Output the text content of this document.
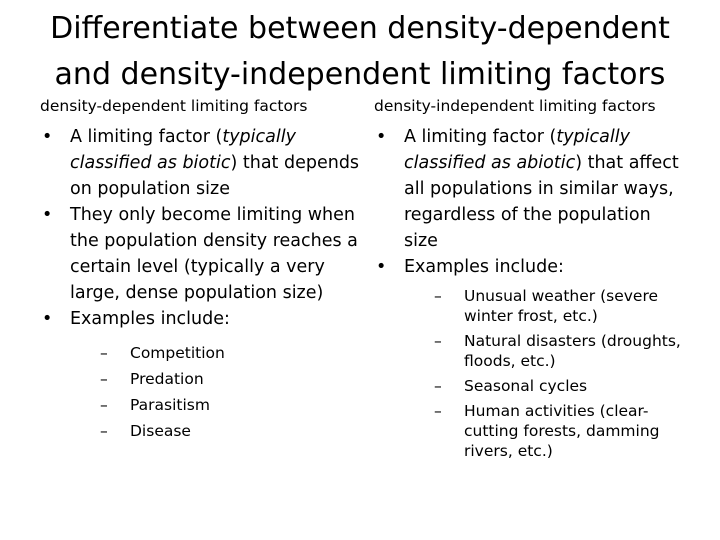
Differentiate between density-dependent
and density-independent limiting factors
density-dependent limiting factors
• A limiting factor (typically classified as biotic) that depends on population size
• They only become limiting when the population density reaches a certain level (typically a very large, dense population size)
• Examples include:
– Competition
– Predation
– Parasitism
– Disease
density-independent limiting factors
• A limiting factor (typically classified as abiotic) that affect all populations in similar ways, regardless of the population size
• Examples include:
– Unusual weather (severe winter frost, etc.)
– Natural disasters (droughts, floods, etc.)
– Seasonal cycles
– Human activities (clear-cutting forests, damming rivers, etc.)
